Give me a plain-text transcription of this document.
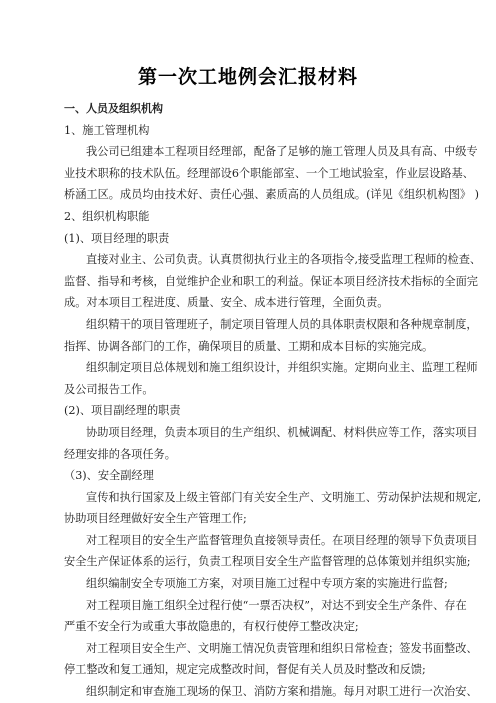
第一次工地例会汇报材料
一、人员及组织机构
1、施工管理机构
我公司已组建本工程项目经理部，配备了足够的施工管理人员及具有高、中级专
业技术职称的技术队伍。经理部设6个职能部室、一个工地试验室，作业层设路基、
桥涵工区。成员均由技术好、责任心强、素质高的人员组成。(详见《组织机构图》 )
2、组织机构职能
(1)、项目经理的职责
直接对业主、公司负责。认真贯彻执行业主的各项指令,接受监理工程师的检查、
监督、指导和考核，自觉维护企业和职工的利益。保证本项目经济技术指标的全面完
成。对本项目工程进度、质量、安全、成本进行管理，全面负责。
组织精干的项目管理班子，制定项目管理人员的具体职责权限和各种规章制度，
指挥、协调各部门的工作，确保项目的质量、工期和成本目标的实施完成。
组织制定项目总体规划和施工组织设计，并组织实施。定期向业主、监理工程师
及公司报告工作。
(2)、项目副经理的职责
协助项目经理，负责本项目的生产组织、机械调配、材料供应等工作，落实项目
经理安排的各项任务。
（3)、安全副经理
宣传和执行国家及上级主管部门有关安全生产、文明施工、劳动保护法规和规定,
协助项目经理做好安全生产管理工作;
对工程项目的安全生产监督管理负直接领导责任。在项目经理的领导下负责项目
安全生产保证体系的运行，负责工程项目安全生产监督管理的总体策划并组织实施;
组织编制安全专项施工方案，对项目施工过程中专项方案的实施进行监督;
对工程项目施工组织全过程行使“一票否决权”，对达不到安全生产条件、存在
严重不安全行为或重大事故隐患的，有权行使停工整改决定;
对工程项目安全生产、文明施工情况负责管理和组织日常检查；签发书面整改、
停工整改和复工通知，规定完成整改时间，督促有关人员及时整改和反馈;
组织制定和审查施工现场的保卫、消防方案和措施。每月对职工进行一次治安、
